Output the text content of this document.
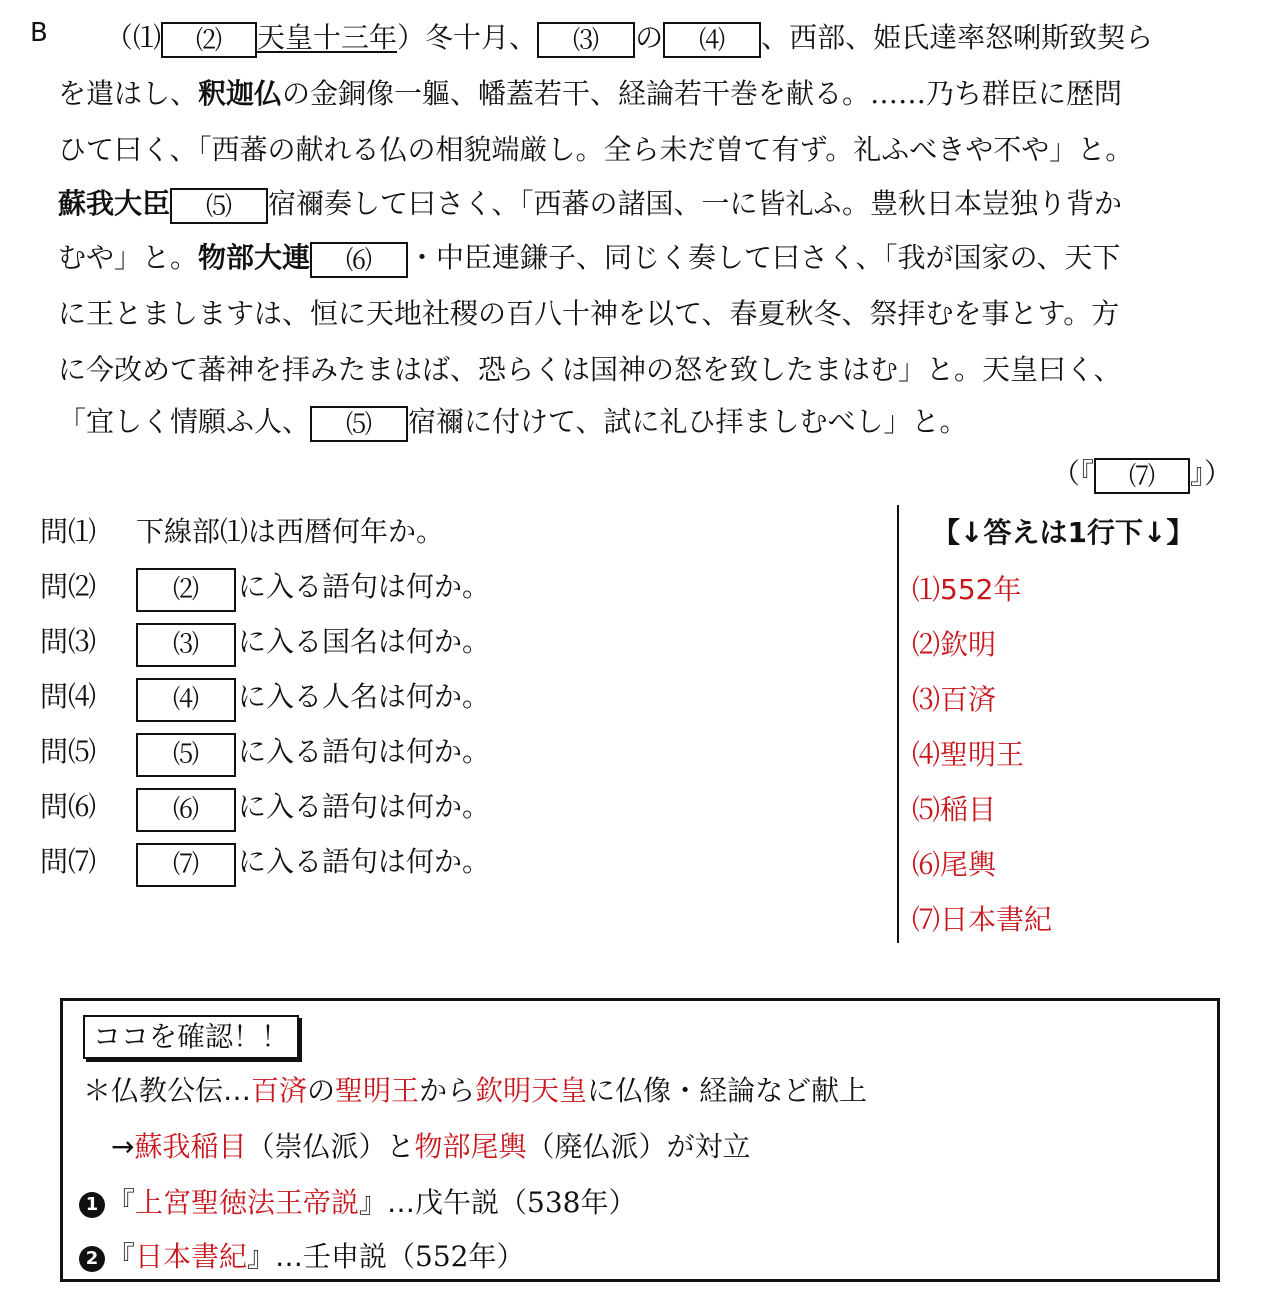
B （⑴ ⑵ 天皇十三年）冬十月、 ⑶ の ⑷ 、西部、姫氏達率怒唎斯致契ら
を遣はし、釈迦仏の金銅像一軀、幡蓋若干、経論若干巻を献る。……乃ち群臣に歴問
ひて曰く、「西蕃の献れる仏の相貌端厳し。全ら未だ曽て有ず。礼ふべきや不や」と。
蘇我大臣 ⑸ 宿禰奏して曰さく、「西蕃の諸国、一に皆礼ふ。豊秋日本豈独り背か
むや」と。物部大連 ⑹ ・中臣連鎌子、同じく奏して曰さく、「我が国家の、天下
に王とましますは、恒に天地社稷の百八十神を以て、春夏秋冬、祭拝むを事とす。方
に今改めて蕃神を拝みたまはば、恐らくは国神の怒を致したまはむ」と。天皇曰く、
「宜しく情願ふ人、 ⑸ 宿禰に付けて、試に礼ひ拝ましむべし」と。
（『 ⑺ 』）
問⑴ 下線部⑴は西暦何年か。
問⑵	⑵ に入る語句は何か。
問⑶	⑶ に入る国名は何か。
問⑷	⑷ に入る人名は何か。
問⑸	⑸ に入る語句は何か。
問⑹	⑹ に入る語句は何か。
問⑺	⑺ に入る語句は何か。
【↓答えは1行下↓】
⑴552年
⑵欽明
⑶百済
⑷聖明王
⑸稲目
⑹尾輿
⑺日本書紀
ココを確認！！
＊仏教公伝…百済の聖明王から欽明天皇に仏像・経論など献上
→蘇我稲目（崇仏派）と物部尾輿（廃仏派）が対立
1 『上宮聖徳法王帝説』…戊午説（538年）
2 『日本書紀』…壬申説（552年）
